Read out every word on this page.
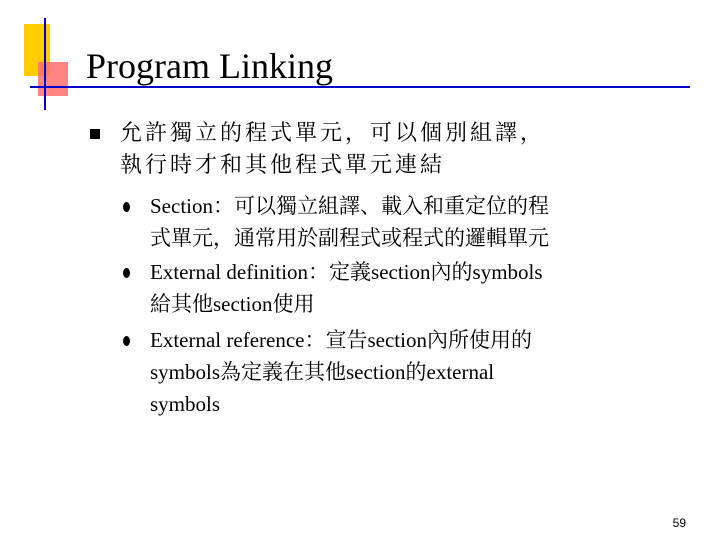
Program Linking
允許獨立的程式單元，可以個別組譯，
執行時才和其他程式單元連結
Section：可以獨立組譯、載入和重定位的程
式單元，通常用於副程式或程式的邏輯單元
External definition：定義section內的symbols
給其他section使用
External reference：宣告section內所使用的
symbols為定義在其他section的external
symbols
59
